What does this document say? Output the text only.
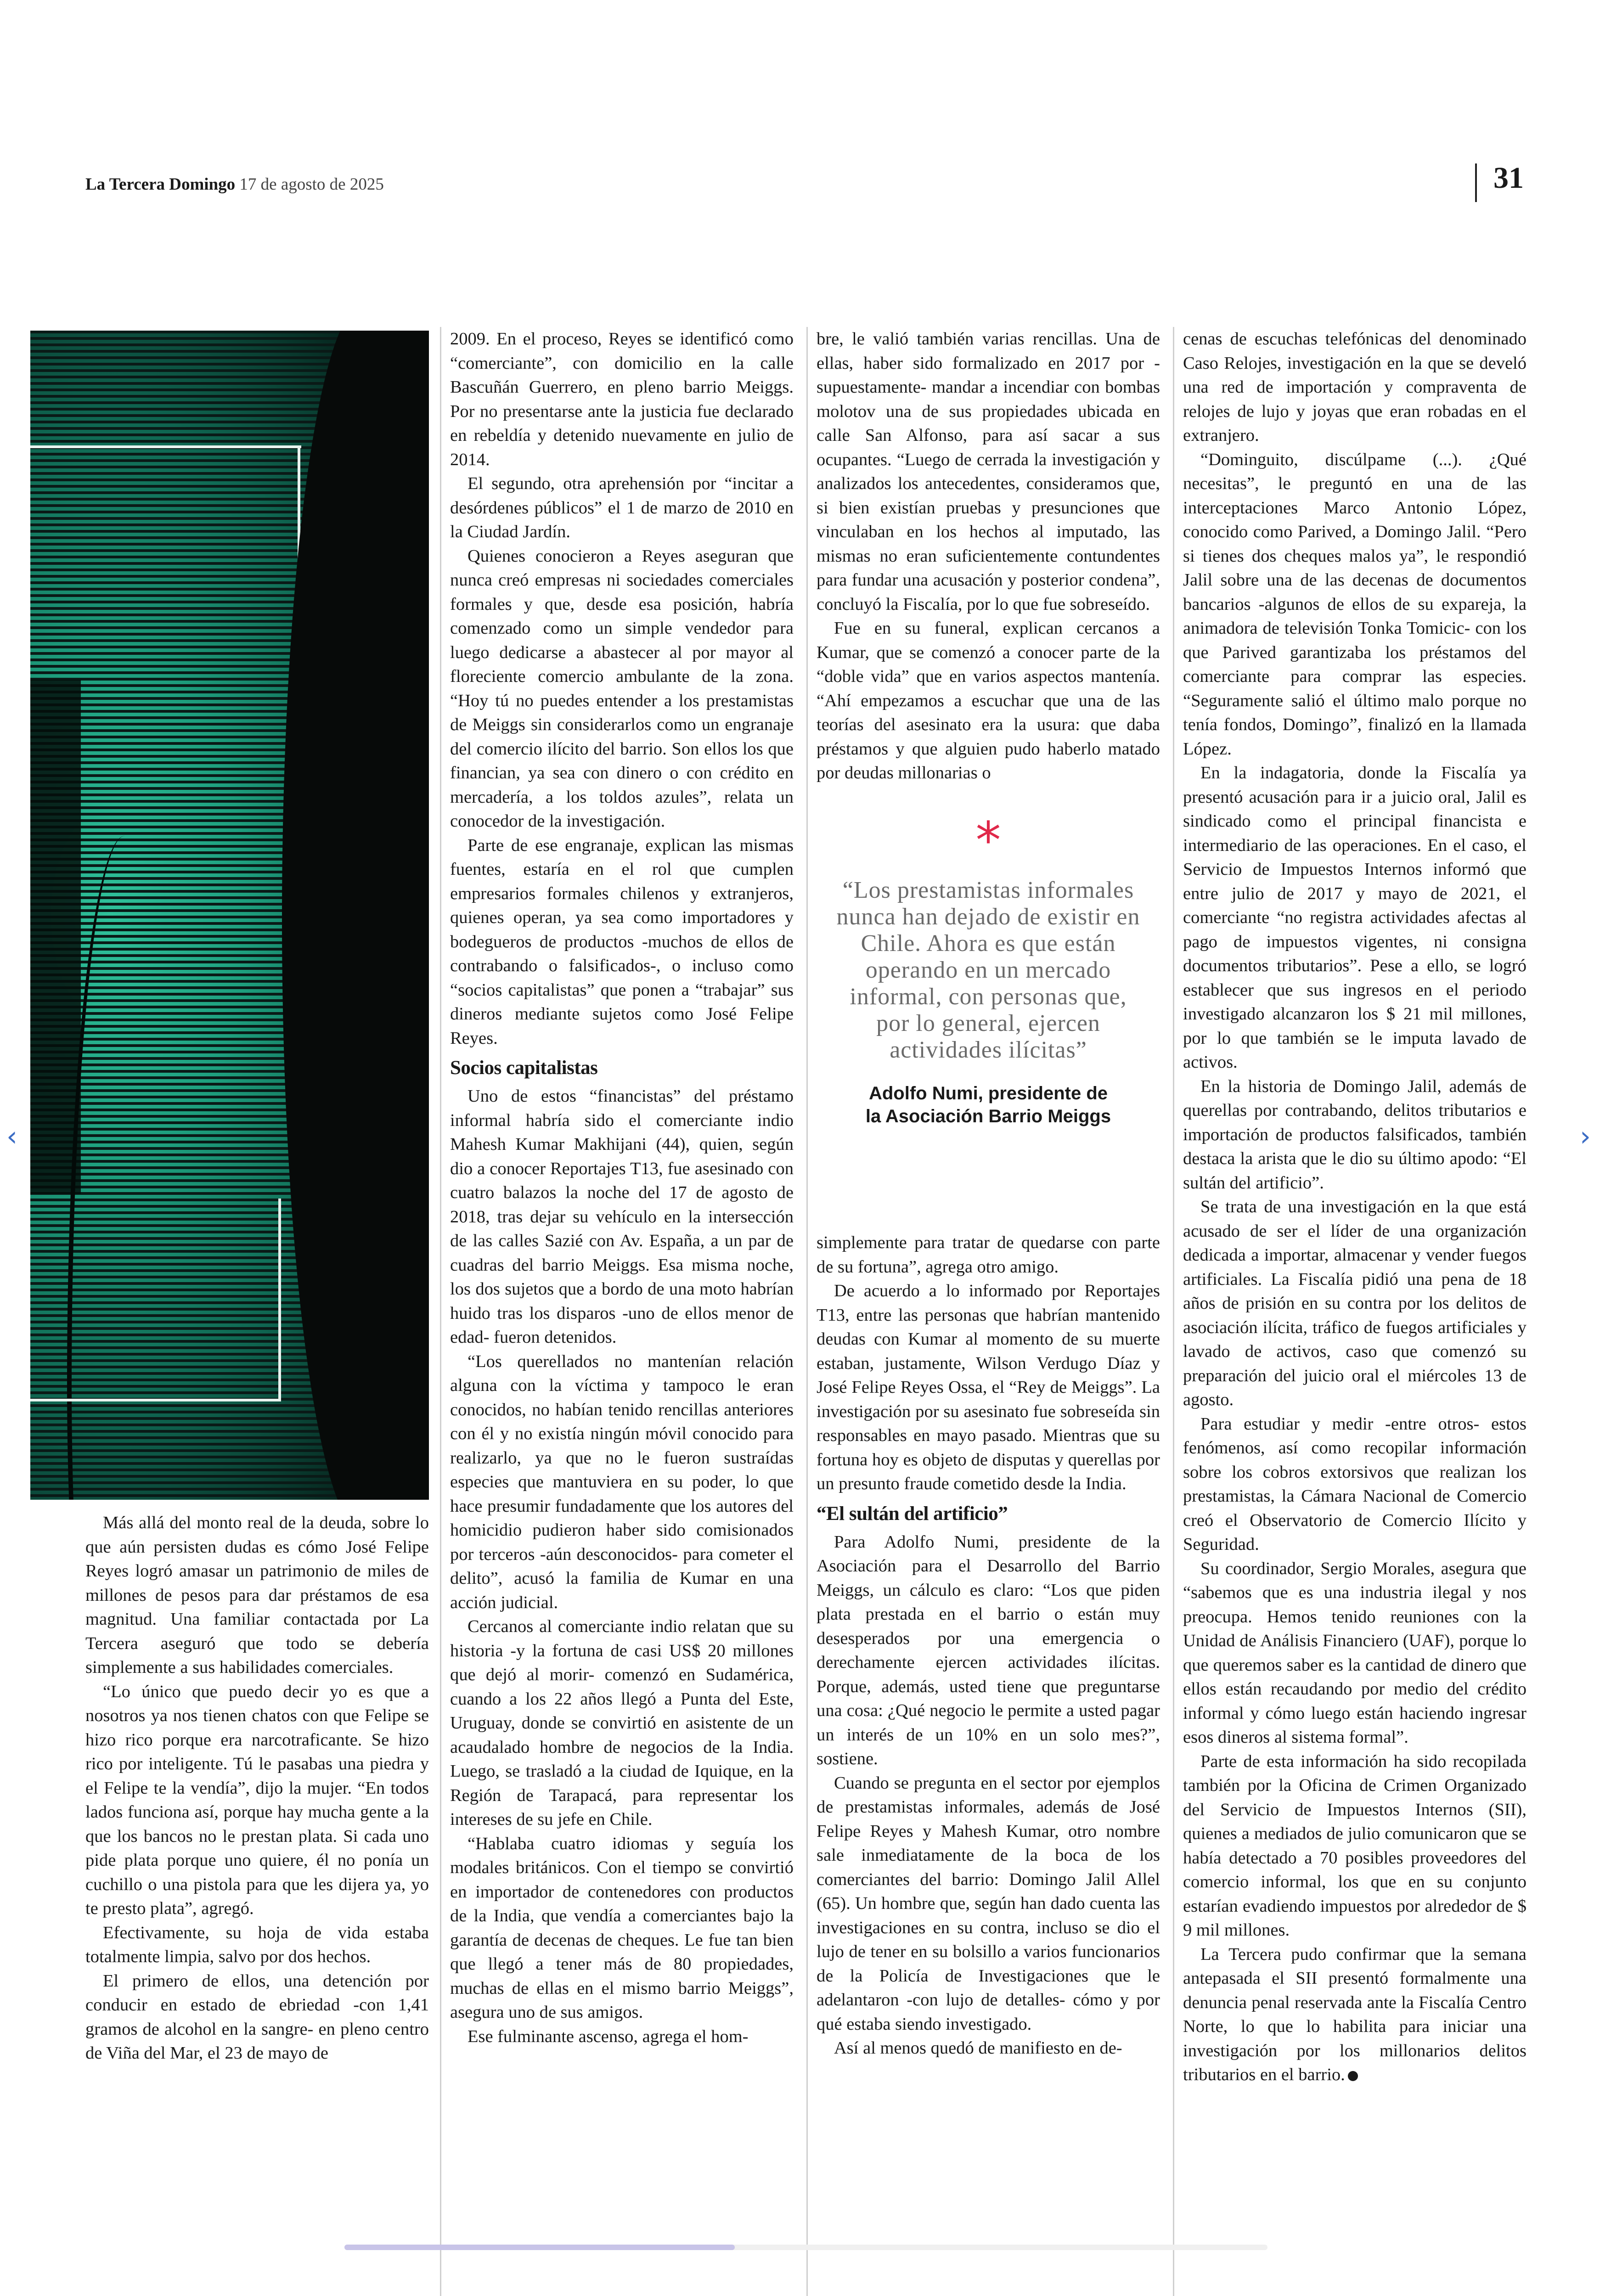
La Tercera Domingo 17 de agosto de 2025	31

Más allá del monto real de la deuda, sobre lo que aún persisten dudas es cómo José Felipe Reyes logró amasar un patrimonio de miles de millones de pesos para dar préstamos de esa magnitud. Una familiar contactada por La Tercera aseguró que todo se debería simplemente a sus habilidades comerciales.

“Lo único que puedo decir yo es que a nosotros ya nos tienen chatos con que Felipe se hizo rico porque era narcotraficante. Se hizo rico por inteligente. Tú le pasabas una piedra y el Felipe te la vendía”, dijo la mujer. “En todos lados funciona así, porque hay mucha gente a la que los bancos no le prestan plata. Si cada uno pide plata porque uno quiere, él no ponía un cuchillo o una pistola para que les dijera ya, yo te presto plata”, agregó.

Efectivamente, su hoja de vida estaba totalmente limpia, salvo por dos hechos.

El primero de ellos, una detención por conducir en estado de ebriedad -con 1,41 gramos de alcohol en la sangre- en pleno centro de Viña del Mar, el 23 de mayo de

2009. En el proceso, Reyes se identificó como “comerciante”, con domicilio en la calle Bascuñán Guerrero, en pleno barrio Meiggs. Por no presentarse ante la justicia fue declarado en rebeldía y detenido nuevamente en julio de 2014.

El segundo, otra aprehensión por “incitar a desórdenes públicos” el 1 de marzo de 2010 en la Ciudad Jardín.

Quienes conocieron a Reyes aseguran que nunca creó empresas ni sociedades comerciales formales y que, desde esa posición, habría comenzado como un simple vendedor para luego dedicarse a abastecer al por mayor al floreciente comercio ambulante de la zona. “Hoy tú no puedes entender a los prestamistas de Meiggs sin considerarlos como un engranaje del comercio ilícito del barrio. Son ellos los que financian, ya sea con dinero o con crédito en mercadería, a los toldos azules”, relata un conocedor de la investigación.

Parte de ese engranaje, explican las mismas fuentes, estaría en el rol que cumplen empresarios formales chilenos y extranjeros, quienes operan, ya sea como importadores y bodegueros de productos -muchos de ellos de contrabando o falsificados-, o incluso como “socios capitalistas” que ponen a “trabajar” sus dineros mediante sujetos como José Felipe Reyes.

Socios capitalistas

Uno de estos “financistas” del préstamo informal habría sido el comerciante indio Mahesh Kumar Makhijani (44), quien, según dio a conocer Reportajes T13, fue asesinado con cuatro balazos la noche del 17 de agosto de 2018, tras dejar su vehículo en la intersección de las calles Sazié con Av. España, a un par de cuadras del barrio Meiggs. Esa misma noche, los dos sujetos que a bordo de una moto habrían huido tras los disparos -uno de ellos menor de edad- fueron detenidos.

“Los querellados no mantenían relación alguna con la víctima y tampoco le eran conocidos, no habían tenido rencillas anteriores con él y no existía ningún móvil conocido para realizarlo, ya que no le fueron sustraídas especies que mantuviera en su poder, lo que hace presumir fundadamente que los autores del homicidio pudieron haber sido comisionados por terceros -aún desconocidos- para cometer el delito”, acusó la familia de Kumar en una acción judicial.

Cercanos al comerciante indio relatan que su historia -y la fortuna de casi US$ 20 millones que dejó al morir- comenzó en Sudamérica, cuando a los 22 años llegó a Punta del Este, Uruguay, donde se convirtió en asistente de un acaudalado hombre de negocios de la India. Luego, se trasladó a la ciudad de Iquique, en la Región de Tarapacá, para representar los intereses de su jefe en Chile.

“Hablaba cuatro idiomas y seguía los modales británicos. Con el tiempo se convirtió en importador de contenedores con productos de la India, que vendía a comerciantes bajo la garantía de decenas de cheques. Le fue tan bien que llegó a tener más de 80 propiedades, muchas de ellas en el mismo barrio Meiggs”, asegura uno de sus amigos.

Ese fulminante ascenso, agrega el hom-

bre, le valió también varias rencillas. Una de ellas, haber sido formalizado en 2017 por -supuestamente- mandar a incendiar con bombas molotov una de sus propiedades ubicada en calle San Alfonso, para así sacar a sus ocupantes. “Luego de cerrada la investigación y analizados los antecedentes, consideramos que, si bien existían pruebas y presunciones que vinculaban en los hechos al imputado, las mismas no eran suficientemente contundentes para fundar una acusación y posterior condena”, concluyó la Fiscalía, por lo que fue sobreseído.

Fue en su funeral, explican cercanos a Kumar, que se comenzó a conocer parte de la “doble vida” que en varios aspectos mantenía. “Ahí empezamos a escuchar que una de las teorías del asesinato era la usura: que daba préstamos y que alguien pudo haberlo matado por deudas millonarias o

*
“Los prestamistas informales nunca han dejado de existir en Chile. Ahora es que están operando en un mercado informal, con personas que, por lo general, ejercen actividades ilícitas”
Adolfo Numi, presidente de
la Asociación Barrio Meiggs

simplemente para tratar de quedarse con parte de su fortuna”, agrega otro amigo.

De acuerdo a lo informado por Reportajes T13, entre las personas que habrían mantenido deudas con Kumar al momento de su muerte estaban, justamente, Wilson Verdugo Díaz y José Felipe Reyes Ossa, el “Rey de Meiggs”. La investigación por su asesinato fue sobreseída sin responsables en mayo pasado. Mientras que su fortuna hoy es objeto de disputas y querellas por un presunto fraude cometido desde la India.

“El sultán del artificio”

Para Adolfo Numi, presidente de la Asociación para el Desarrollo del Barrio Meiggs, un cálculo es claro: “Los que piden plata prestada en el barrio o están muy desesperados por una emergencia o derechamente ejercen actividades ilícitas. Porque, además, usted tiene que preguntarse una cosa: ¿Qué negocio le permite a usted pagar un interés de un 10% en un solo mes?”, sostiene.

Cuando se pregunta en el sector por ejemplos de prestamistas informales, además de José Felipe Reyes y Mahesh Kumar, otro nombre sale inmediatamente de la boca de los comerciantes del barrio: Domingo Jalil Allel (65). Un hombre que, según han dado cuenta las investigaciones en su contra, incluso se dio el lujo de tener en su bolsillo a varios funcionarios de la Policía de Investigaciones que le adelantaron -con lujo de detalles- cómo y por qué estaba siendo investigado.

Así al menos quedó de manifiesto en de-

cenas de escuchas telefónicas del denominado Caso Relojes, investigación en la que se develó una red de importación y compraventa de relojes de lujo y joyas que eran robadas en el extranjero.

“Dominguito, discúlpame (...). ¿Qué necesitas”, le preguntó en una de las interceptaciones Marco Antonio López, conocido como Parived, a Domingo Jalil. “Pero si tienes dos cheques malos ya”, le respondió Jalil sobre una de las decenas de documentos bancarios -algunos de ellos de su expareja, la animadora de televisión Tonka Tomicic- con los que Parived garantizaba los préstamos del comerciante para comprar las especies. “Seguramente salió el último malo porque no tenía fondos, Domingo”, finalizó en la llamada López.

En la indagatoria, donde la Fiscalía ya presentó acusación para ir a juicio oral, Jalil es sindicado como el principal financista e intermediario de las operaciones. En el caso, el Servicio de Impuestos Internos informó que entre julio de 2017 y mayo de 2021, el comerciante “no registra actividades afectas al pago de impuestos vigentes, ni consigna documentos tributarios”. Pese a ello, se logró establecer que sus ingresos en el periodo investigado alcanzaron los $ 21 mil millones, por lo que también se le imputa lavado de activos.

En la historia de Domingo Jalil, además de querellas por contrabando, delitos tributarios e importación de productos falsificados, también destaca la arista que le dio su último apodo: “El sultán del artificio”.

Se trata de una investigación en la que está acusado de ser el líder de una organización dedicada a importar, almacenar y vender fuegos artificiales. La Fiscalía pidió una pena de 18 años de prisión en su contra por los delitos de asociación ilícita, tráfico de fuegos artificiales y lavado de activos, caso que comenzó su preparación del juicio oral el miércoles 13 de agosto.

Para estudiar y medir -entre otros- estos fenómenos, así como recopilar información sobre los cobros extorsivos que realizan los prestamistas, la Cámara Nacional de Comercio creó el Observatorio de Comercio Ilícito y Seguridad.

Su coordinador, Sergio Morales, asegura que “sabemos que es una industria ilegal y nos preocupa. Hemos tenido reuniones con la Unidad de Análisis Financiero (UAF), porque lo que queremos saber es la cantidad de dinero que ellos están recaudando por medio del crédito informal y cómo luego están haciendo ingresar esos dineros al sistema formal”.

Parte de esta información ha sido recopilada también por la Oficina de Crimen Organizado del Servicio de Impuestos Internos (SII), quienes a mediados de julio comunicaron que se había detectado a 70 posibles proveedores del comercio informal, los que en su conjunto estarían evadiendo impuestos por alrededor de $ 9 mil millones.

La Tercera pudo confirmar que la semana antepasada el SII presentó formalmente una denuncia penal reservada ante la Fiscalía Centro Norte, lo que lo habilita para iniciar una investigación por los millonarios delitos tributarios en el barrio.

‹	›
